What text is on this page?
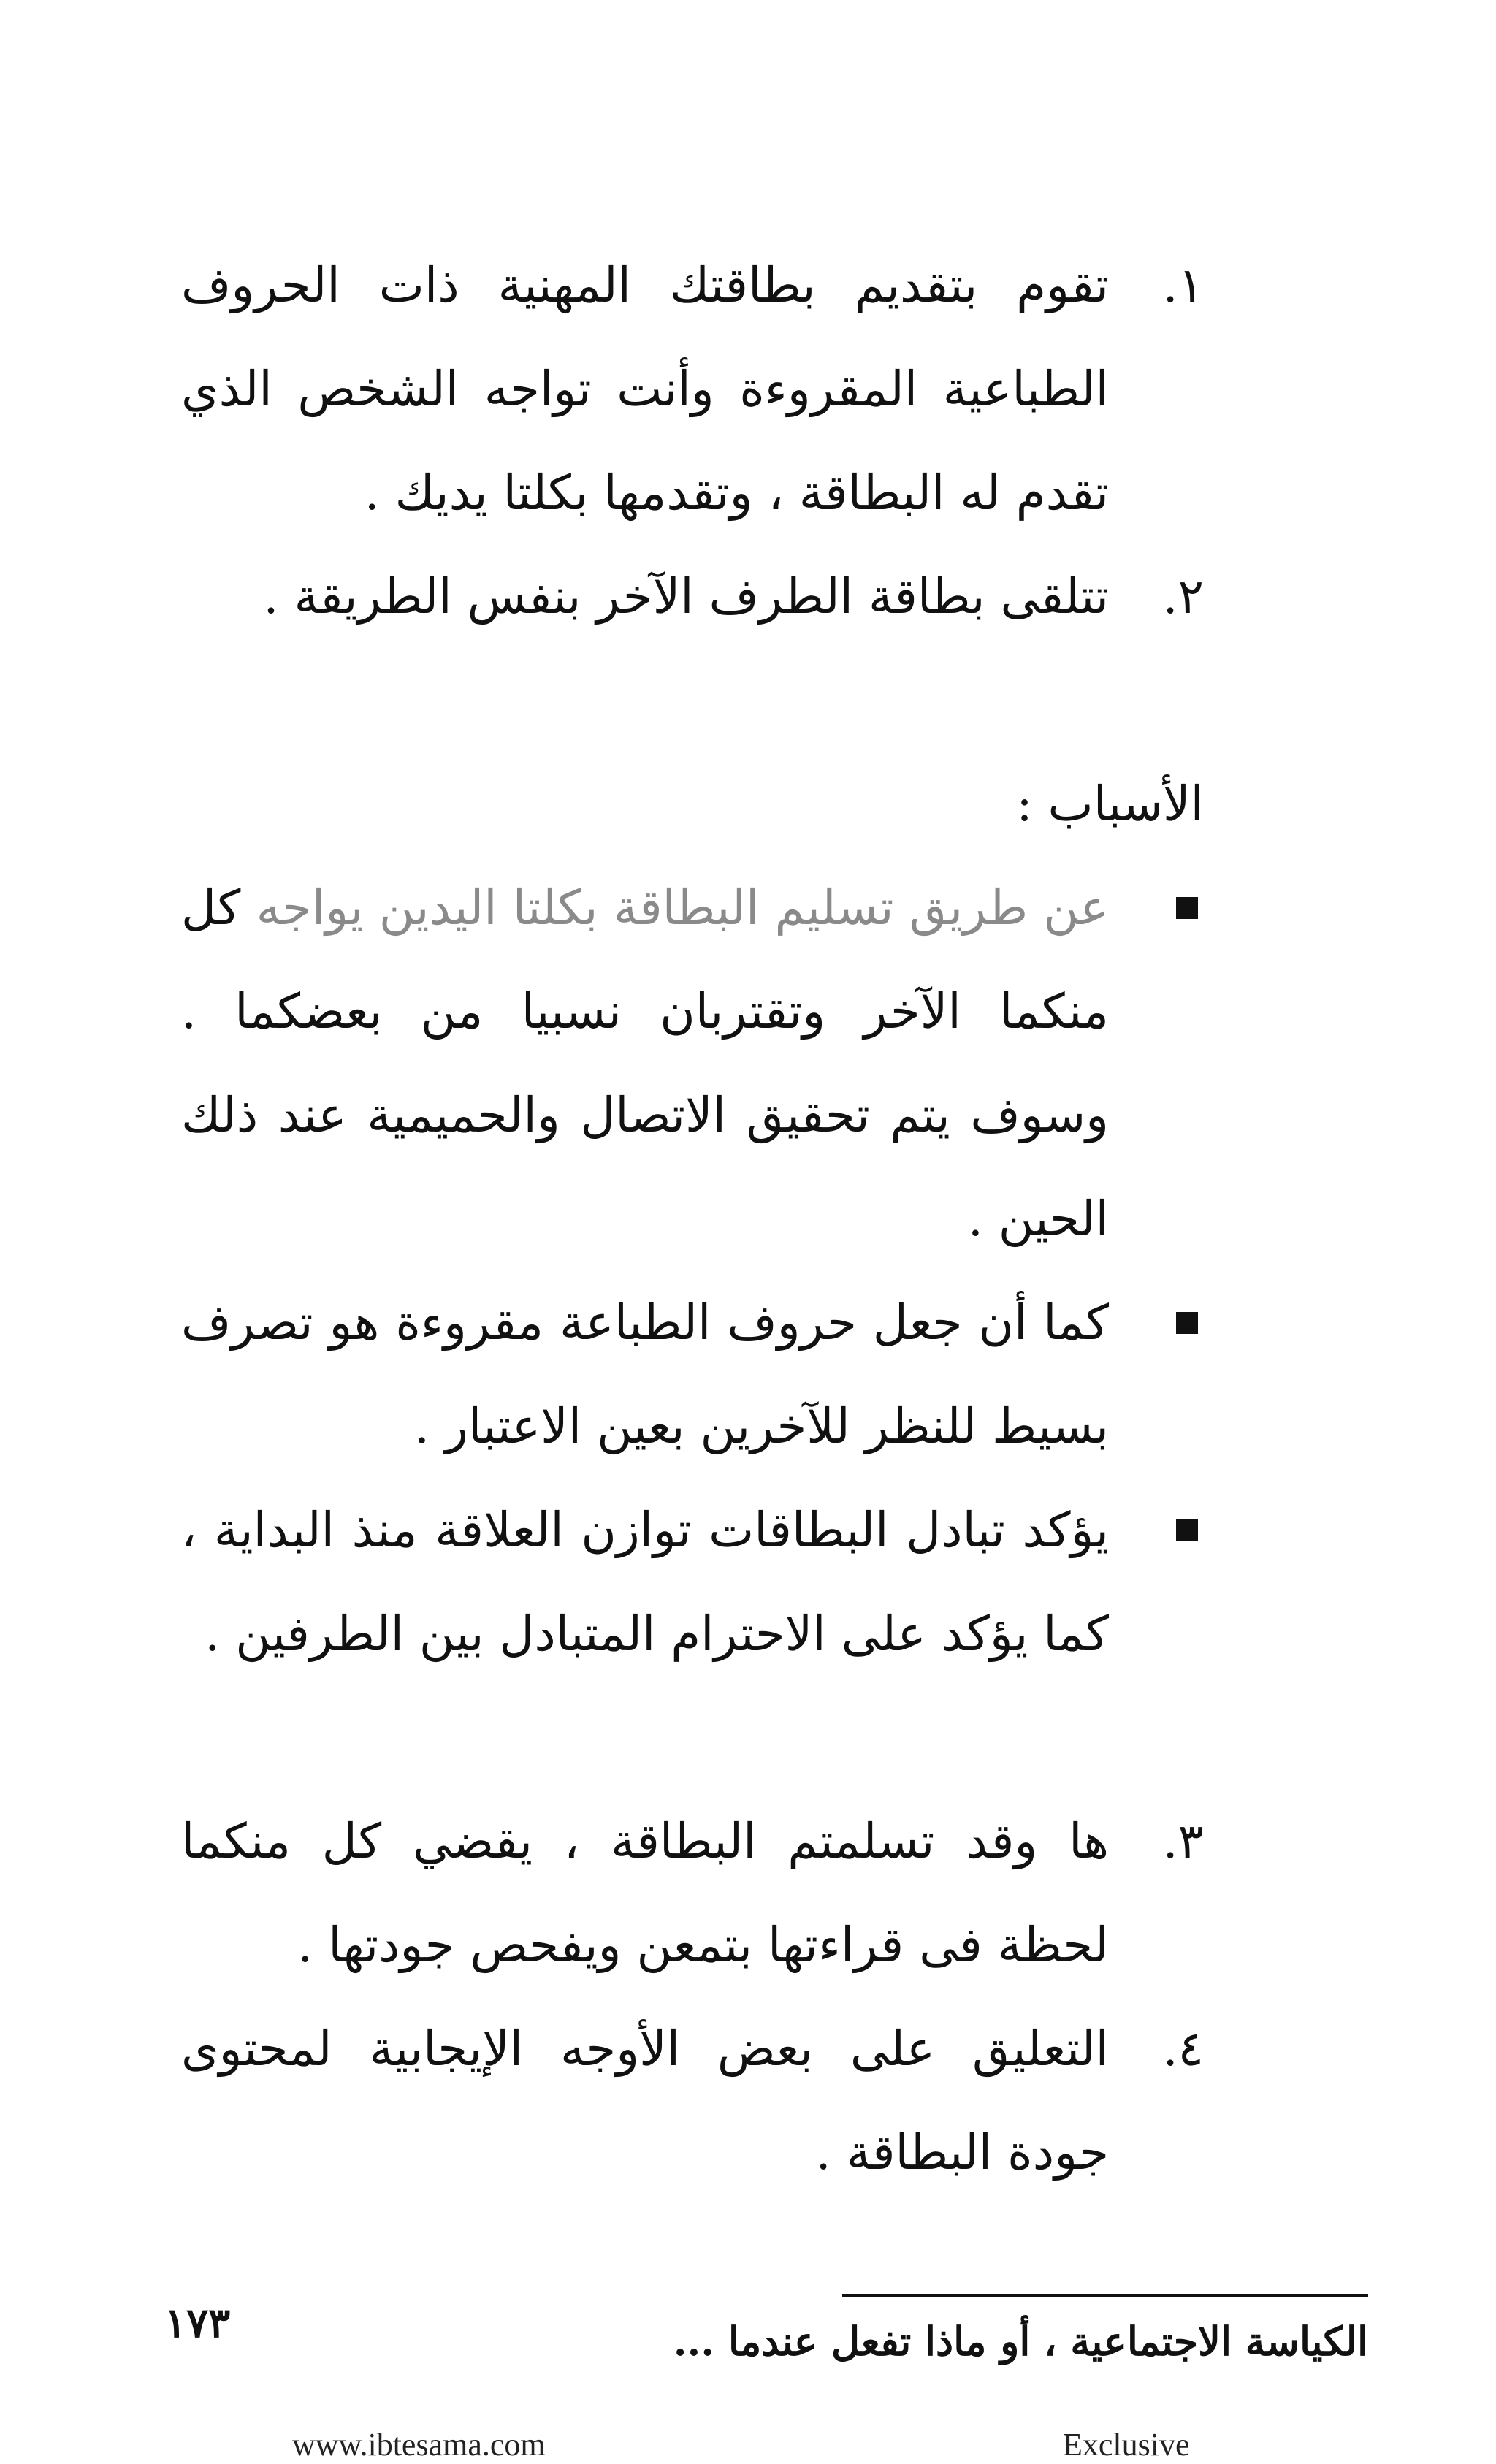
١.
تقوم بتقديم بطاقتك المهنية ذات الحروف الطباعية المقروءة وأنت تواجه الشخص الذي تقدم له البطاقة ، وتقدمها بكلتا يديك .
٢.
تتلقى بطاقة الطرف الآخر بنفس الطريقة .
الأسباب :
عن طريق تسليم البطاقة بكلتا اليدين يواجه كل منكما الآخر وتقتربان نسبيا من بعضكما . وسوف يتم تحقيق الاتصال والحميمية عند ذلك الحين .
كما أن جعل حروف الطباعة مقروءة هو تصرف بسيط للنظر للآخرين بعين الاعتبار .
يؤكد تبادل البطاقات توازن العلاقة منذ البداية ، كما يؤكد على الاحترام المتبادل بين الطرفين .
٣.
ها وقد تسلمتم البطاقة ، يقضي كل منكما لحظة فى قراءتها بتمعن ويفحص جودتها .
٤.
التعليق على بعض الأوجه الإيجابية لمحتوى جودة البطاقة .
١٧٣	الكياسة الاجتماعية ، أو ماذا تفعل عندما ...
www.ibtesama.com	Exclusive
